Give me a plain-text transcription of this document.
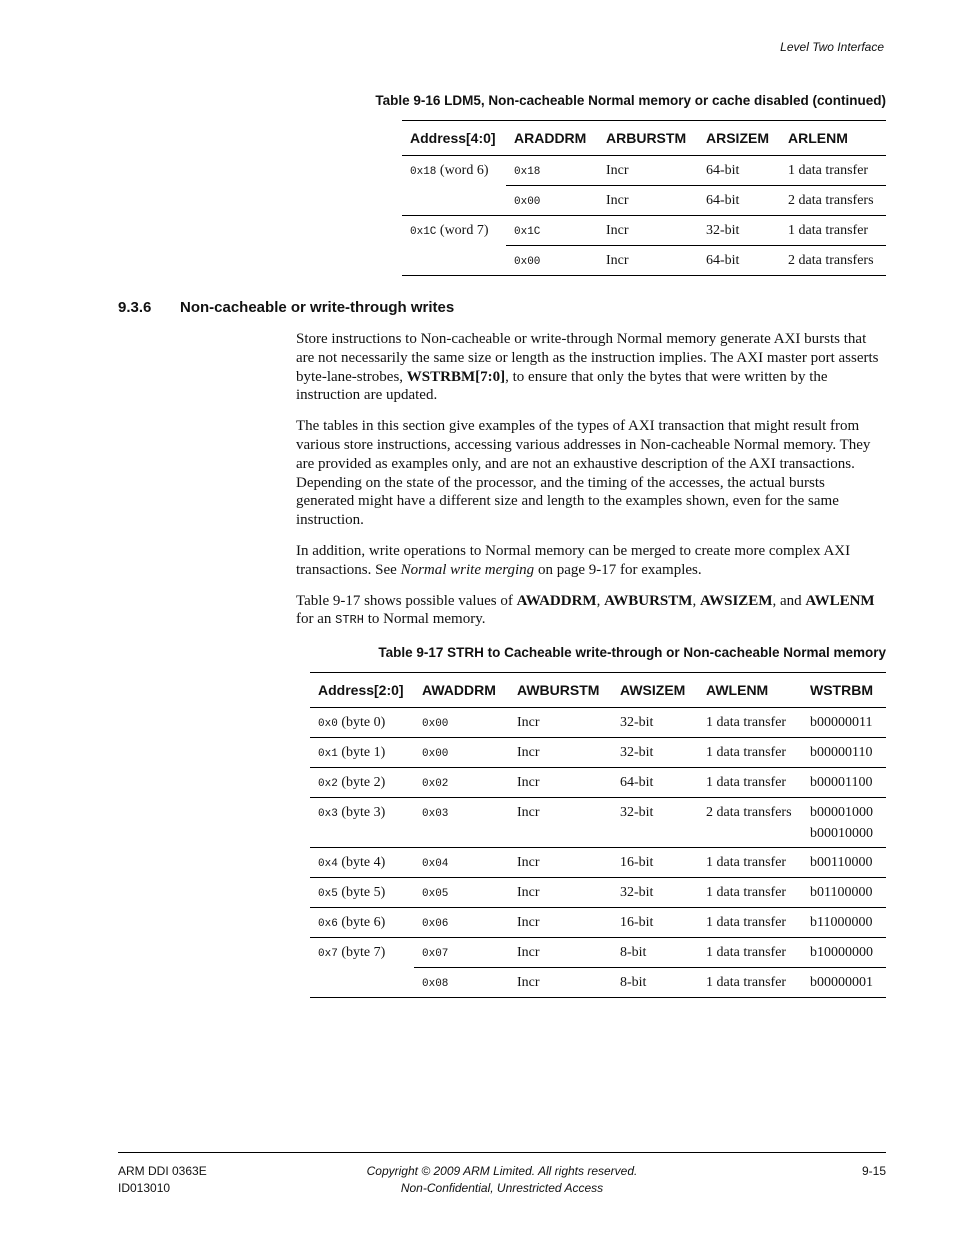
Level Two Interface
Table 9-16 LDM5, Non-cacheable Normal memory or cache disabled (continued)
Address[4:0]	ARADDRM	ARBURSTM	ARSIZEM	ARLENM
0x18 (word 6)	0x18	Incr	64-bit	1 data transfer
	0x00	Incr	64-bit	2 data transfers
0x1C (word 7)	0x1C	Incr	32-bit	1 data transfer
	0x00	Incr	64-bit	2 data transfers
9.3.6 Non-cacheable or write-through writes

Store instructions to Non-cacheable or write-through Normal memory generate AXI bursts that are not necessarily the same size or length as the instruction implies. The AXI master port asserts byte-lane-strobes, WSTRBM[7:0], to ensure that only the bytes that were written by the instruction are updated.

The tables in this section give examples of the types of AXI transaction that might result from various store instructions, accessing various addresses in Non-cacheable Normal memory. They are provided as examples only, and are not an exhaustive description of the AXI transactions. Depending on the state of the processor, and the timing of the accesses, the actual bursts generated might have a different size and length to the examples shown, even for the same instruction.

In addition, write operations to Normal memory can be merged to create more complex AXI transactions. See Normal write merging on page 9-17 for examples.

Table 9-17 shows possible values of AWADDRM, AWBURSTM, AWSIZEM, and AWLENM for an STRH to Normal memory.

Table 9-17 STRH to Cacheable write-through or Non-cacheable Normal memory
Address[2:0]	AWADDRM	AWBURSTM	AWSIZEM	AWLENM	WSTRBM
0x0 (byte 0)	0x00	Incr	32-bit	1 data transfer	b00000011
0x1 (byte 1)	0x00	Incr	32-bit	1 data transfer	b00000110
0x2 (byte 2)	0x02	Incr	64-bit	1 data transfer	b00001100
0x3 (byte 3)	0x03	Incr	32-bit	2 data transfers	b00001000
b00010000

0x4 (byte 4)	0x04	Incr	16-bit	1 data transfer	b00110000
0x5 (byte 5)	0x05	Incr	32-bit	1 data transfer	b01100000
0x6 (byte 6)	0x06	Incr	16-bit	1 data transfer	b11000000
0x7 (byte 7)	0x07	Incr	8-bit	1 data transfer	b10000000
	0x08	Incr	8-bit	1 data transfer	b00000001
ARM DDI 0363E
ID013010
Copyright © 2009 ARM Limited. All rights reserved.
Non-Confidential, Unrestricted Access
9-15
